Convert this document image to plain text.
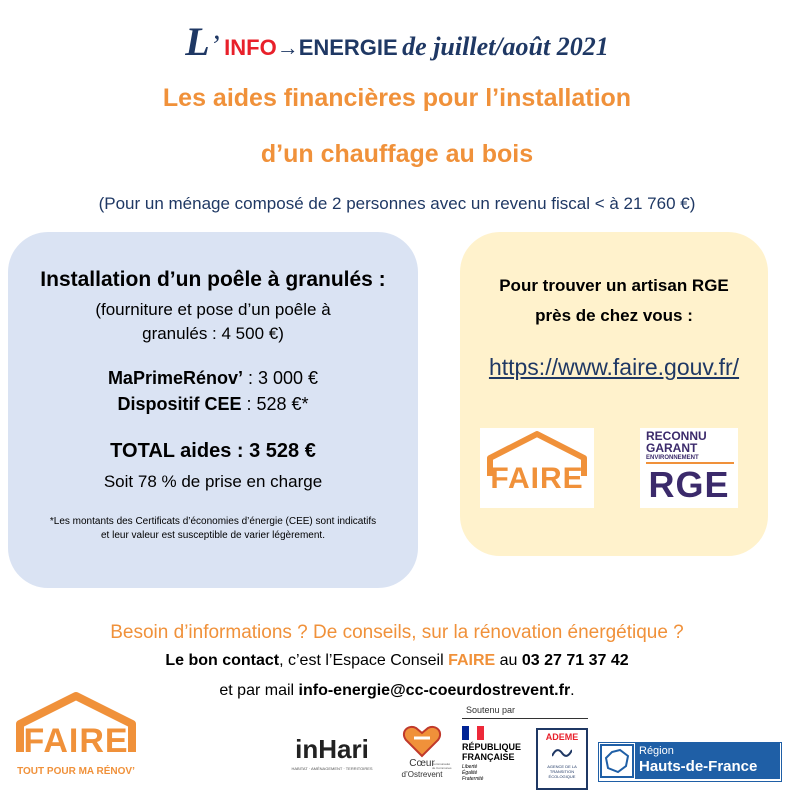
L’ INFO→ENERGIE de juillet/août 2021
Les aides financières pour l’installation
d’un chauffage au bois
(Pour un ménage composé de 2 personnes avec un revenu fiscal < à 21 760 €)
Installation d’un poêle à granulés :
(fourniture et pose d’un poêle à
granulés : 4 500 €)
MaPrimeRénov’ : 3 000 €
Dispositif CEE : 528 €*
TOTAL aides : 3 528 €
Soit 78 % de prise en charge
*Les montants des Certificats d’économies d’énergie (CEE) sont indicatifs
et leur valeur est susceptible de varier légèrement.
Pour trouver un artisan RGE
près de chez vous :
https://www.faire.gouv.fr/
FAIRE
RECONNU
GARANT
ENVIRONNEMENT
RGE
Besoin d’informations ? De conseils, sur la rénovation énergétique ?
Le bon contact, c’est l’Espace Conseil FAIRE au 03 27 71 37 42
et par mail info-energie@cc-coeurdostrevent.fr.
FAIRE
TOUT POUR MA RÉNOV’
inHari
HABITAT · AMÉNAGEMENT · TERRITOIRES	Cœur
d’Ostrevent
Communauté de Communes
Soutenu par
RÉPUBLIQUE
FRANÇAISE
Liberté
Égalité
Fraternité
ADEME
AGENCE DE LA TRANSITION ÉCOLOGIQUE
Région
Hauts-de-France
